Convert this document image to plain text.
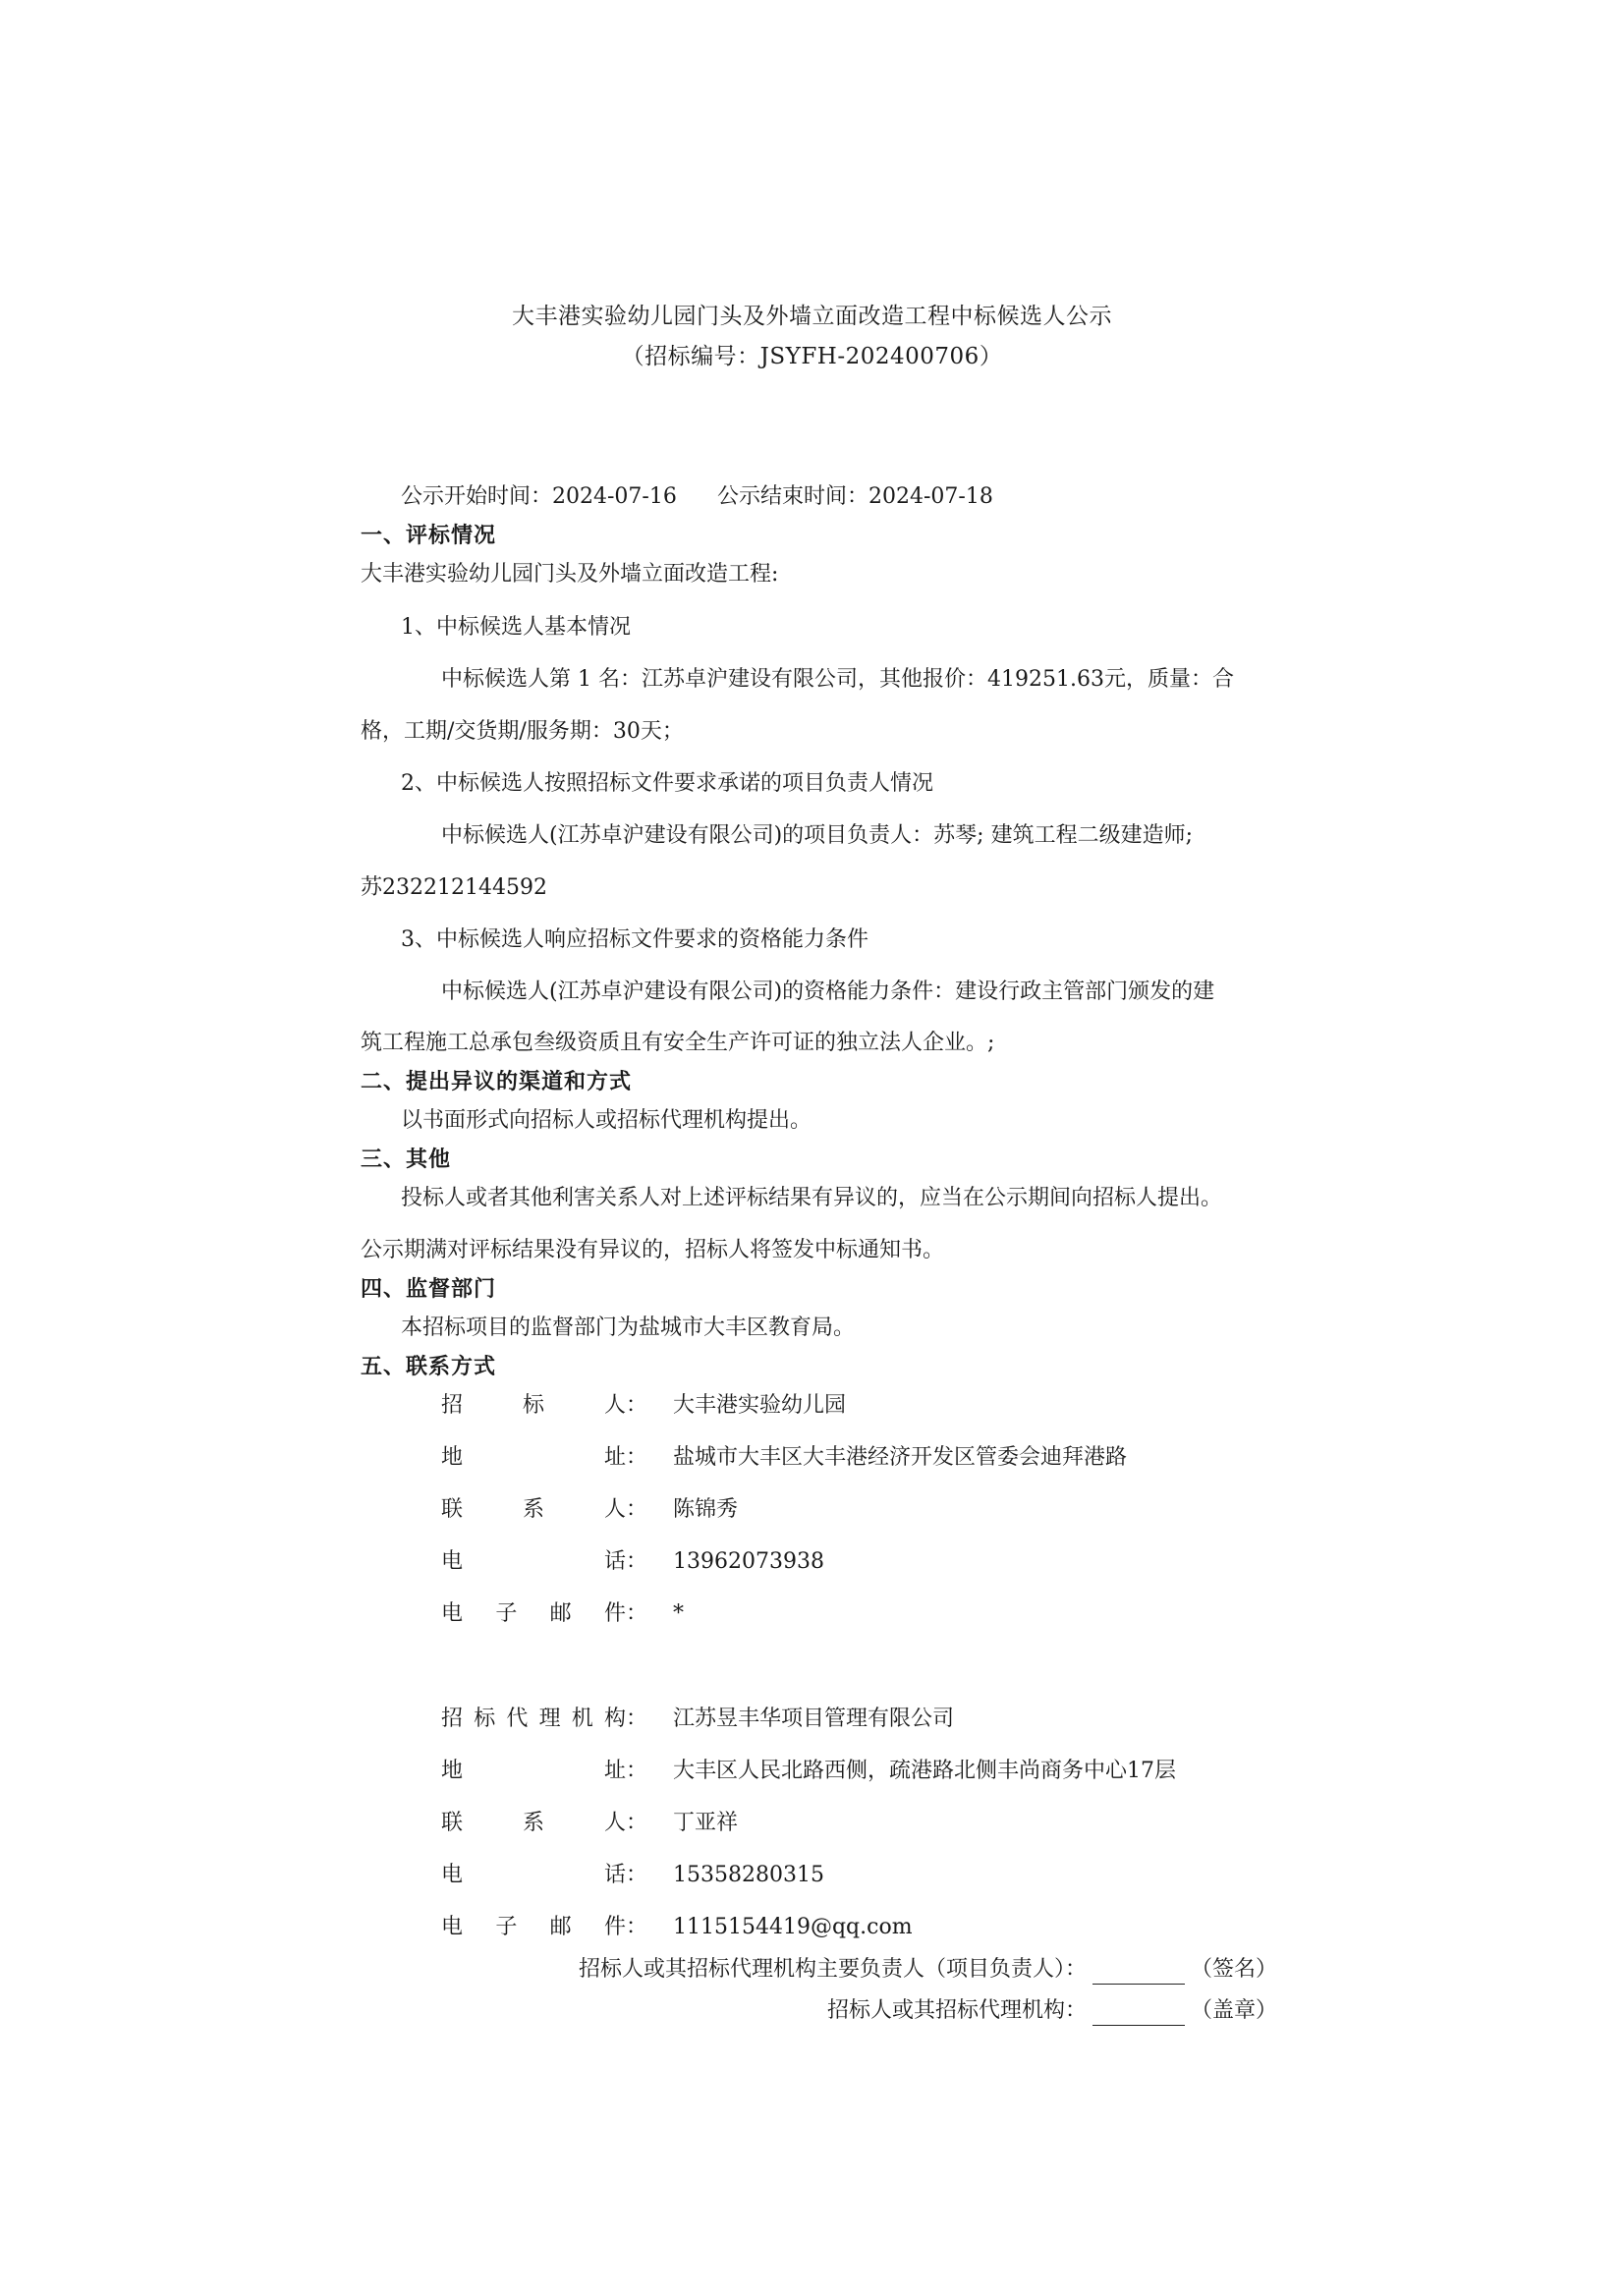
大丰港实验幼儿园门头及外墙立面改造工程中标候选人公示
（招标编号：JSYFH-202400706）
公示开始时间：2024-07-16 公示结束时间：2024-07-18
一、评标情况
大丰港实验幼儿园门头及外墙立面改造工程:
1、中标候选人基本情况
中标候选人第 1 名：江苏卓沪建设有限公司，其他报价：419251.63元，质量：合
格，工期/交货期/服务期：30天；
2、中标候选人按照招标文件要求承诺的项目负责人情况
中标候选人(江苏卓沪建设有限公司)的项目负责人：苏琴; 建筑工程二级建造师;
苏232212144592
3、中标候选人响应招标文件要求的资格能力条件
中标候选人(江苏卓沪建设有限公司)的资格能力条件：建设行政主管部门颁发的建
筑工程施工总承包叁级资质且有安全生产许可证的独立法人企业。;
二、提出异议的渠道和方式
以书面形式向招标人或招标代理机构提出。
三、其他
投标人或者其他利害关系人对上述评标结果有异议的，应当在公示期间向招标人提出。
公示期满对评标结果没有异议的，招标人将签发中标通知书。
四、监督部门
本招标项目的监督部门为盐城市大丰区教育局。
五、联系方式
招	标	人： 大丰港实验幼儿园
地	址： 盐城市大丰区大丰港经济开发区管委会迪拜港路
联	系	人： 陈锦秀
电	话： 13962073938
电 子 邮 件： *
招 标 代 理 机 构： 江苏昱丰华项目管理有限公司
地	址： 大丰区人民北路西侧，疏港路北侧丰尚商务中心17层
联	系	人： 丁亚祥
电	话： 15358280315
电 子 邮 件： 1115154419@qq.com
招标人或其招标代理机构主要负责人（项目负责人）：	（签名）
招标人或其招标代理机构：	（盖章）
